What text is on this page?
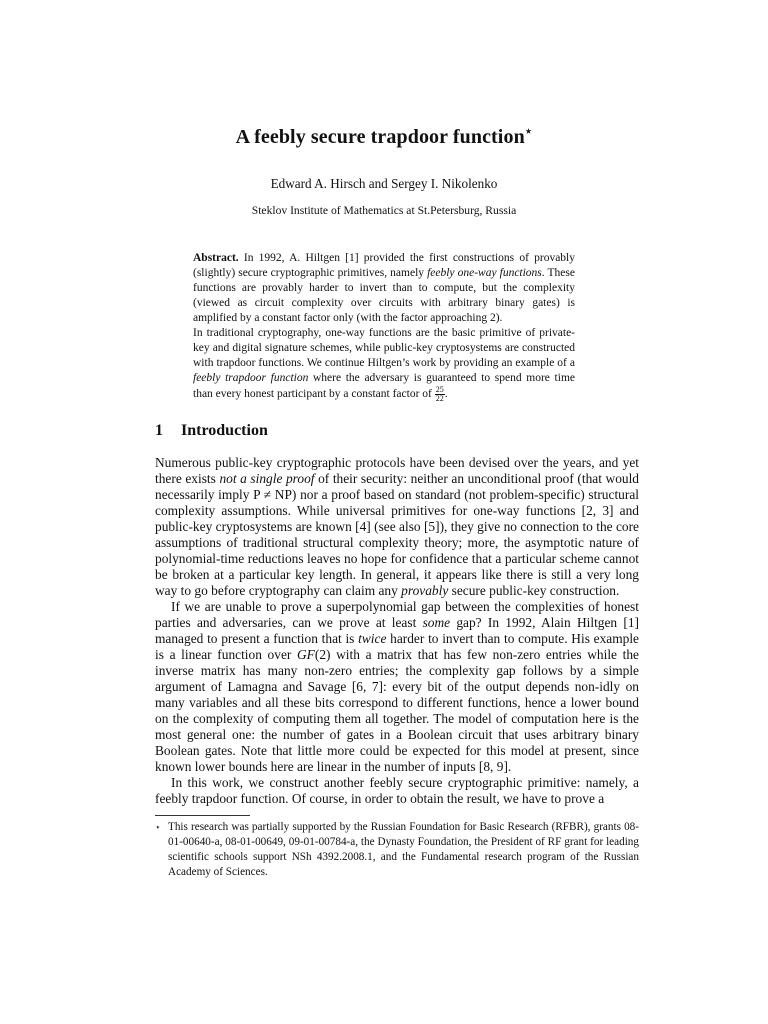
A feebly secure trapdoor function⋆
Edward A. Hirsch and Sergey I. Nikolenko
Steklov Institute of Mathematics at St.Petersburg, Russia

Abstract. In 1992, A. Hiltgen [1] provided the first constructions of provably (slightly) secure cryptographic primitives, namely feebly one-way functions. These functions are provably harder to invert than to compute, but the complexity (viewed as circuit complexity over circuits with arbitrary binary gates) is amplified by a constant factor only (with the factor approaching 2).

In traditional cryptography, one-way functions are the basic primitive of private-key and digital signature schemes, while public-key cryptosystems are constructed with trapdoor functions. We continue Hiltgen’s work by providing an example of a feebly trapdoor function where the adversary is guaranteed to spend more time than every honest participant by a constant factor of $\frac{25}{22}$ .

1 Introduction

Numerous public-key cryptographic protocols have been devised over the years, and yet there exists not a single proof of their security: neither an unconditional proof (that would necessarily imply P ≠ NP) nor a proof based on standard (not problem-specific) structural complexity assumptions. While universal primitives for one-way functions [2, 3] and public-key cryptosystems are known [4] (see also [5]), they give no connection to the core assumptions of traditional structural complexity theory; more, the asymptotic nature of polynomial-time reductions leaves no hope for confidence that a particular scheme cannot be broken at a particular key length. In general, it appears like there is still a very long way to go before cryptography can claim any provably secure public-key construction.

If we are unable to prove a superpolynomial gap between the complexities of honest parties and adversaries, can we prove at least some gap? In 1992, Alain Hiltgen [1] managed to present a function that is twice harder to invert than to compute. His example is a linear function over GF(2) with a matrix that has few non-zero entries while the inverse matrix has many non-zero entries; the complexity gap follows by a simple argument of Lamagna and Savage [6, 7]: every bit of the output depends non-idly on many variables and all these bits correspond to different functions, hence a lower bound on the complexity of computing them all together. The model of computation here is the most general one: the number of gates in a Boolean circuit that uses arbitrary binary Boolean gates. Note that little more could be expected for this model at present, since known lower bounds here are linear in the number of inputs [8, 9].

In this work, we construct another feebly secure cryptographic primitive: namely, a feebly trapdoor function. Of course, in order to obtain the result, we have to prove a

⋆ This research was partially supported by the Russian Foundation for Basic Research (RFBR), grants 08-01-00640-a, 08-01-00649, 09-01-00784-a, the Dynasty Foundation, the President of RF grant for leading scientific schools support NSh 4392.2008.1, and the Fundamental research program of the Russian Academy of Sciences.
